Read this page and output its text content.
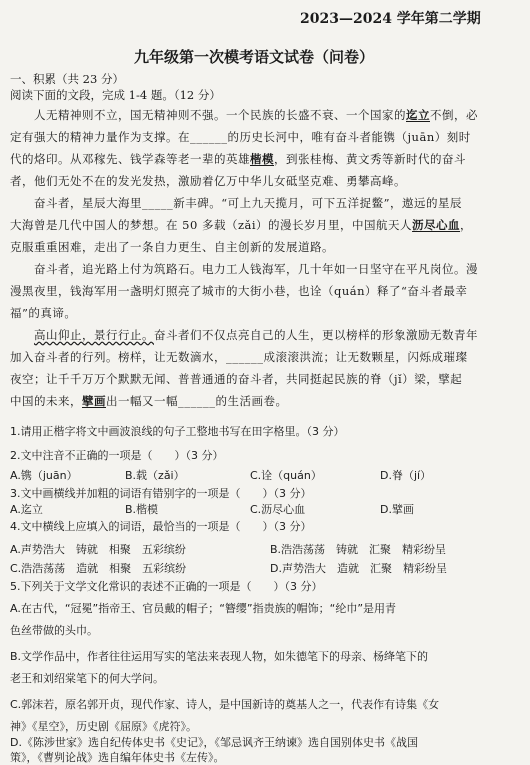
2023—2024 学年第二学期
九年级第一次模考语文试卷（问卷）
一、积累（共 23 分）
阅读下面的文段，完成 1-4 题。（12 分）
　　人无精神则不立，国无精神则不强。一个民族的长盛不衰、一个国家的迄立不倒，必
定有强大的精神力量作为支撑。在______的历史长河中，唯有奋斗者能镌（juān）刻时
代的烙印。从邓稼先、钱学森等老一辈的英雄楷模，到张桂梅、黄文秀等新时代的奋斗
者，他们无处不在的发光发热，激励着亿万中华儿女砥坚克难、勇攀高峰。
　　奋斗者，星辰大海里_____新丰碑。“可上九天揽月，可下五洋捉鳖”，遨远的星辰
大海曾是几代中国人的梦想。在 50 多载（zǎi）的漫长岁月里，中国航天人沥尽心血，
克服重重困难，走出了一条自力更生、自主创新的发展道路。
　　奋斗者，追光路上付为筑路石。电力工人钱海军，几十年如一日坚守在平凡岗位。漫
漫黑夜里，钱海军用一盏明灯照亮了城市的大街小巷，也诠（quán）释了“奋斗者最幸
福”的真谛。
　　高山仰止，景行行止。奋斗者们不仅点亮自己的人生，更以榜样的形象激励无数青年
加入奋斗者的行列。榜样，让无数滴水，______成滚滚洪流；让无数颗星，闪烁成璀璨
夜空；让千千万万个默默无闻、普普通通的奋斗者，共同挺起民族的脊（jǐ）梁，擘起
中国的未来，擘画出一幅又一幅______的生活画卷。
1.请用正楷字将文中画波浪线的句子工整地书写在田字格里。（3 分）
2.文中注音不正确的一项是（　　）（3 分）
A.镌（juān）	B.载（zǎi）	C.诠（quán）	D.脊（jí）
3.文中画横线并加粗的词语有错别字的一项是（　　）（3 分）
A.迄立	B.楷模	C.沥尽心血	D.擘画
4.文中横线上应填入的词语，最恰当的一项是（　　）（3 分）
A.声势浩大　铸就　相聚　五彩缤纷	B.浩浩荡荡　铸就　汇聚　精彩纷呈
C.浩浩荡荡　造就　相聚　五彩缤纷	D.声势浩大　造就　汇聚　精彩纷呈
5.下列关于文学文化常识的表述不正确的一项是（　　）（3 分）
A.在古代，“冠冕”指帝王、官员戴的帽子；“簪缨”指贵族的帽饰；“纶巾”是用青
色丝带做的头巾。
B.文学作品中，作者往往运用写实的笔法来表现人物，如朱德笔下的母亲、杨绛笔下的
老王和刘绍棠笔下的何大学问。
C.郭沫若，原名郭开贞，现代作家、诗人，是中国新诗的奠基人之一，代表作有诗集《女
神》《星空》，历史剧《屈原》《虎符》。
D.《陈涉世家》选自纪传体史书《史记》，《邹忌讽齐王纳谏》选自国别体史书《战国
策》，《曹刿论战》选自编年体史书《左传》。
